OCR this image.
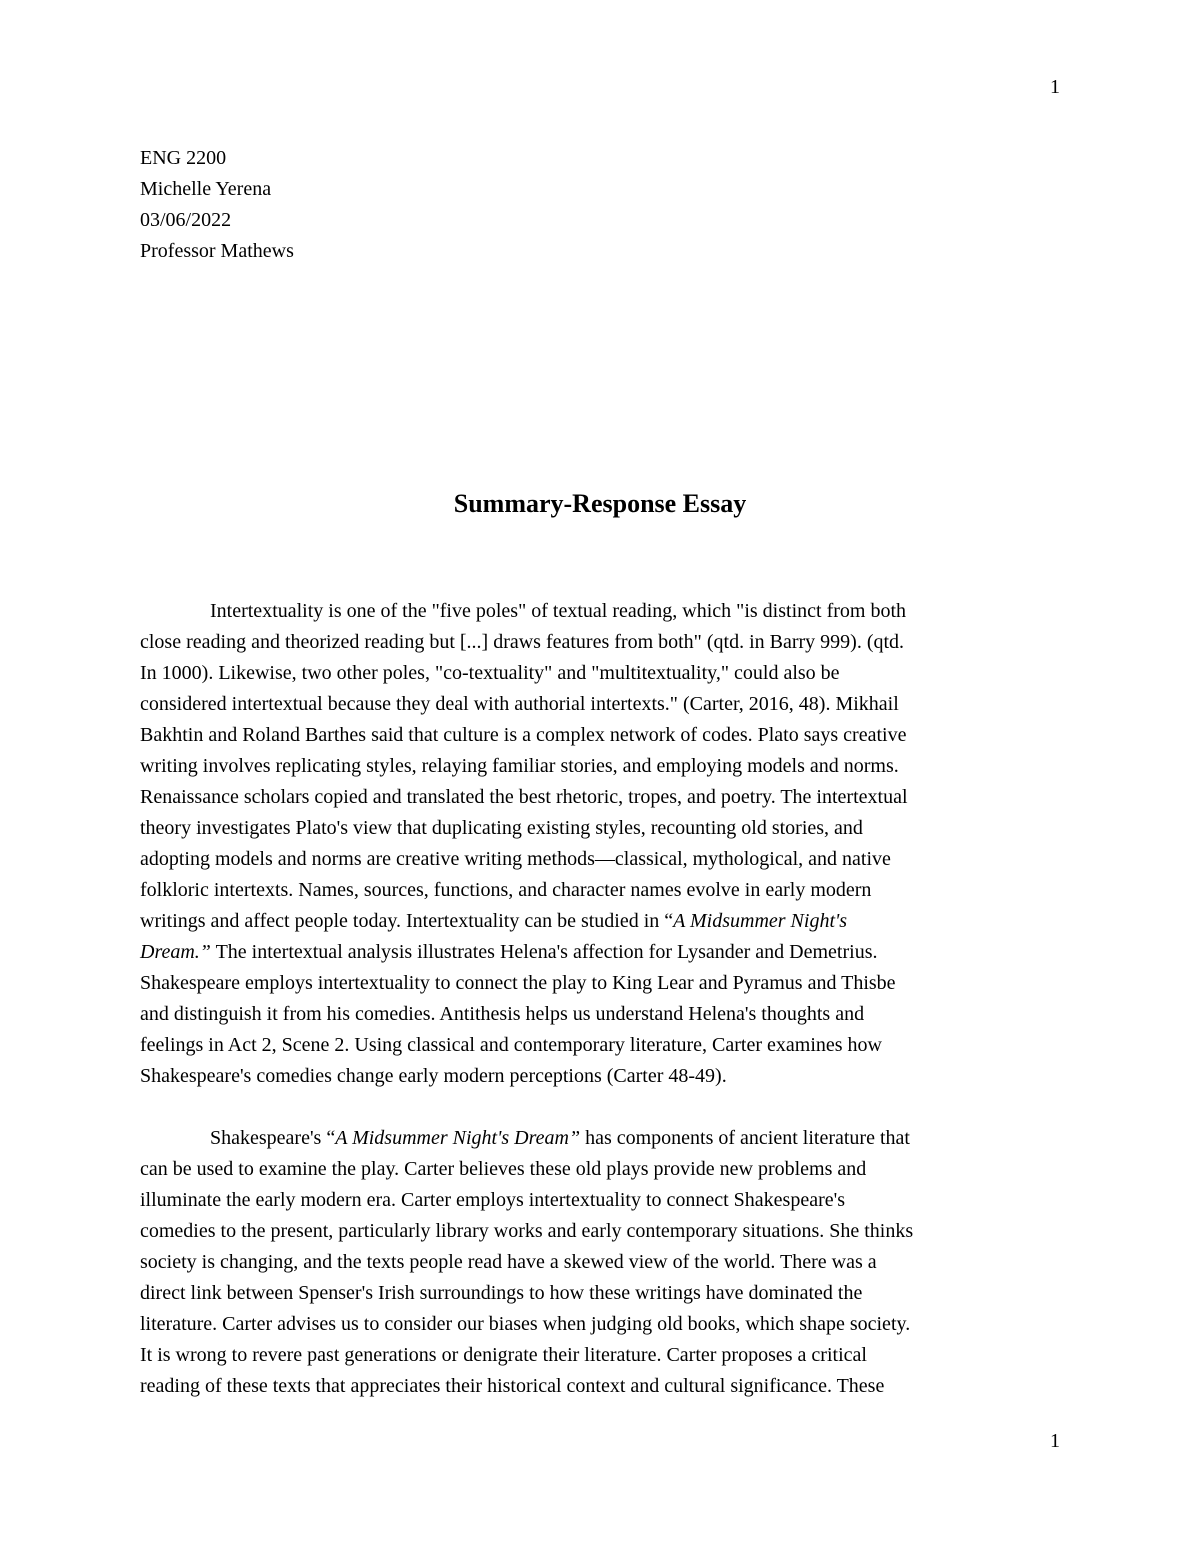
1
ENG 2200
Michelle Yerena
03/06/2022
Professor Mathews
Summary-Response Essay
Intertextuality is one of the "five poles" of textual reading, which "is distinct from both
close reading and theorized reading but [...] draws features from both" (qtd. in Barry 999). (qtd.
In 1000). Likewise, two other poles, "co-textuality" and "multitextuality," could also be
considered intertextual because they deal with authorial intertexts." (Carter, 2016, 48). Mikhail
Bakhtin and Roland Barthes said that culture is a complex network of codes. Plato says creative
writing involves replicating styles, relaying familiar stories, and employing models and norms.
Renaissance scholars copied and translated the best rhetoric, tropes, and poetry. The intertextual
theory investigates Plato's view that duplicating existing styles, recounting old stories, and
adopting models and norms are creative writing methods—classical, mythological, and native
folkloric intertexts. Names, sources, functions, and character names evolve in early modern
writings and affect people today. Intertextuality can be studied in “A Midsummer Night's
Dream.” The intertextual analysis illustrates Helena's affection for Lysander and Demetrius.
Shakespeare employs intertextuality to connect the play to King Lear and Pyramus and Thisbe
and distinguish it from his comedies. Antithesis helps us understand Helena's thoughts and
feelings in Act 2, Scene 2. Using classical and contemporary literature, Carter examines how
Shakespeare's comedies change early modern perceptions (Carter 48-49).
Shakespeare's “A Midsummer Night's Dream” has components of ancient literature that
can be used to examine the play. Carter believes these old plays provide new problems and
illuminate the early modern era. Carter employs intertextuality to connect Shakespeare's
comedies to the present, particularly library works and early contemporary situations. She thinks
society is changing, and the texts people read have a skewed view of the world. There was a
direct link between Spenser's Irish surroundings to how these writings have dominated the
literature. Carter advises us to consider our biases when judging old books, which shape society.
It is wrong to revere past generations or denigrate their literature. Carter proposes a critical
reading of these texts that appreciates their historical context and cultural significance. These
1
